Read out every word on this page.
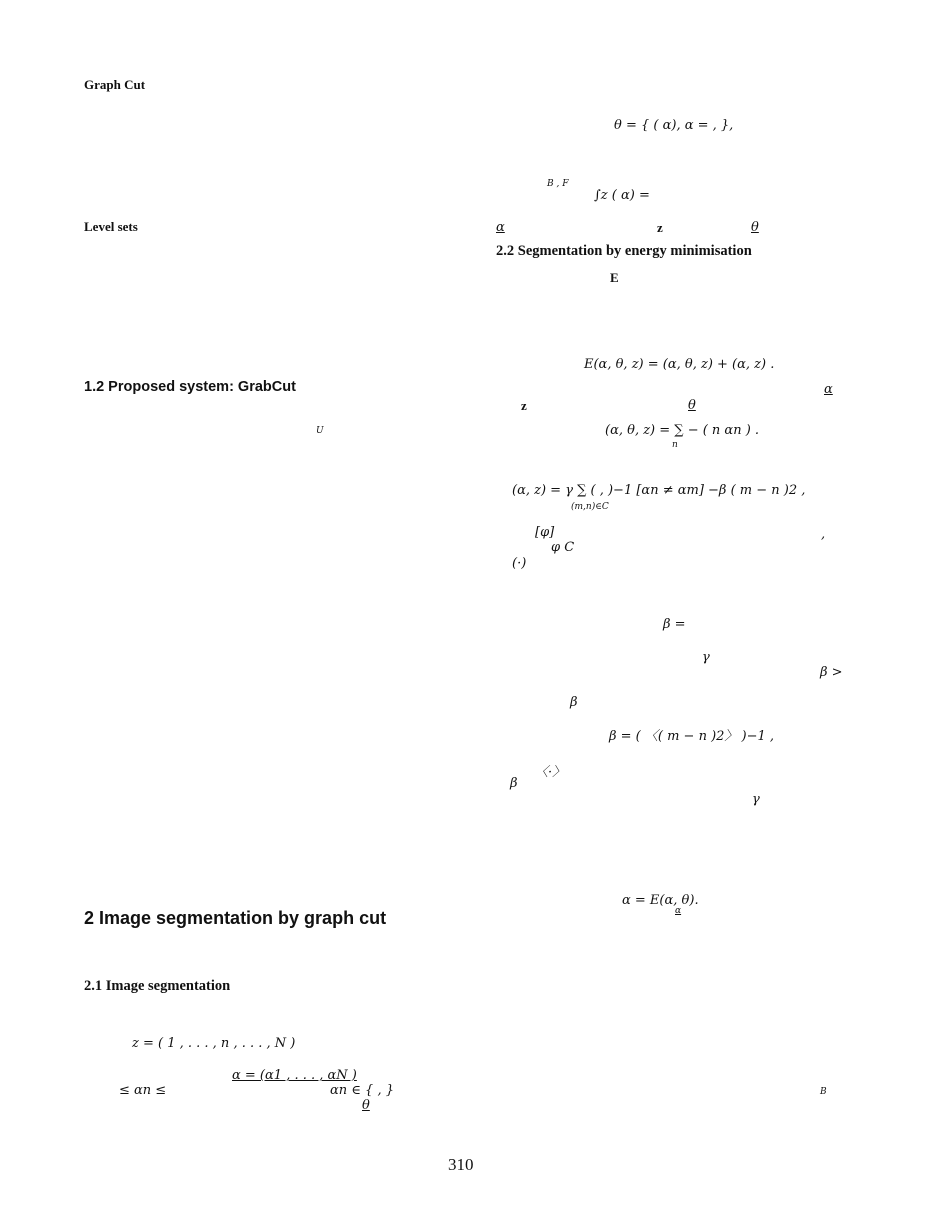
Graph Cut
Level sets
1.2 Proposed system: GrabCut
U
2 Image segmentation by graph cut
2.1 Image segmentation
z = ( 1 , . . . , n , . . . , N )
α = (α1 , . . . , αN )
≤ αn ≤	αn ∈ { , }
θ
θ = { ( α), α = , },
B , F
∫z ( α) =
α	z	θ
2.2 Segmentation by energy minimisation
E
E(α, θ, z) = (α, θ, z) + (α, z) .
α
z	θ
(α, θ, z) = ∑ − ( n αn ) .
n
(α, z) = γ ∑ ( , )−1 [αn ≠ αm] −β ( m − n )2 ,
(m,n)∈C
[φ]	,
φ C
(·)
β =
γ
β >
β
β = ( 〈( m − n )2〉 )−1 ,
〈·〉
β
γ
α = E(α, θ).
α
B
310
